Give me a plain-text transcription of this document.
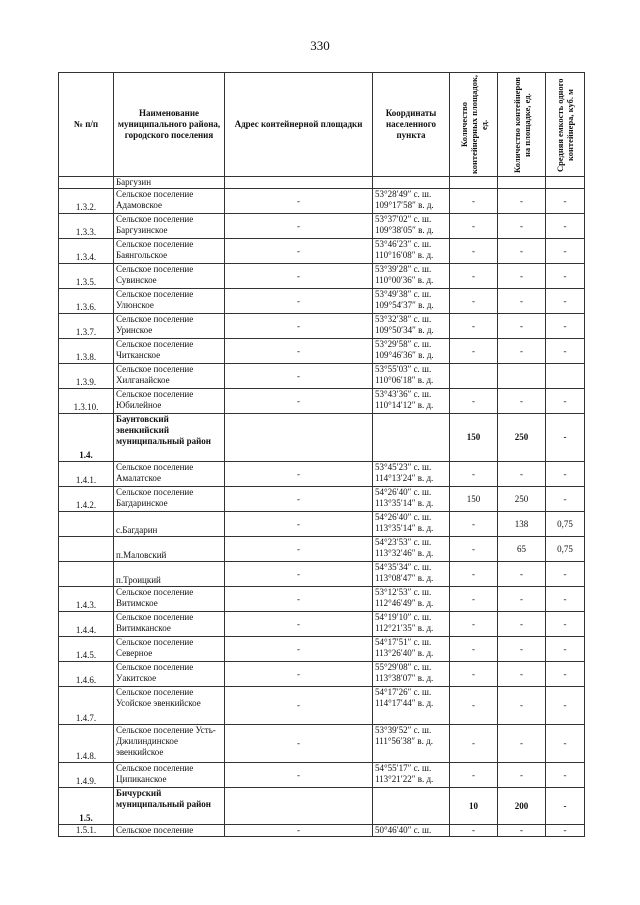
330
№ п/п	Наименование муниципального района, городского поселения	Адрес контейнерной площадки	Координаты населенного пункта	Количество контейнерных площадок, ед.	Количество контейнеров на площадке, ед.	Средняя емкость одного контейнера, куб. м

	Баргузин					
1.3.2.	Сельское поселение Адамовское	-	53°28′49″ с. ш. 109°17′58″ в. д.	-	-	-
1.3.3.	Сельское поселение Баргузинское	-	53°37′02″ с. ш. 109°38′05″ в. д.	-	-	-
1.3.4.	Сельское поселение Баянгольское	-	53°46′23″ с. ш. 110°16′08″ в. д.	-	-	-
1.3.5.	Сельское поселение Сувинское	-	53°39′28″ с. ш. 110°00′36″ в. д.	-	-	-
1.3.6.	Сельское поселение Улюнское	-	53°49′38″ с. ш. 109°54′37″ в. д.	-	-	-
1.3.7.	Сельское поселение Уринское	-	53°32′38″ с. ш. 109°50′34″ в. д.	-	-	-
1.3.8.	Сельское поселение Читканское	-	53°29′58″ с. ш. 109°46′36″ в. д.	-	-	-
1.3.9.	Сельское поселение Хилганайское	-	53°55′03″ с. ш. 110°06′18″ в. д.			
1.3.10.	Сельское поселение Юбилейное	-	53°43′36″ с. ш. 110°14′12″ в. д.	-	-	-
1.4.	Баунтовский эвенкийский муниципальный район			150	250	-
1.4.1.	Сельское поселение Амалатское	-	53°45′23″ с. ш. 114°13′24″ в. д.	-	-	-
1.4.2.	Сельское поселение Багдаринское	-	54°26′40″ с. ш. 113°35′14″ в. д.	150	250	-
	с.Багдарин	-	54°26′40″ с. ш. 113°35′14″ в. д.	-	138	0,75
	п.Маловский	-	54°23′53″ с. ш. 113°32′46″ в. д.	-	65	0,75
	п.Троицкий	-	54°35′34″ с. ш. 113°08′47″ в. д.	-	-	-
1.4.3.	Сельское поселение Витимское	-	53°12′53″ с. ш. 112°46′49″ в. д.	-	-	-
1.4.4.	Сельское поселение Витимканское	-	54°19′10″ с. ш. 112°21′35″ в. д.	-	-	-
1.4.5.	Сельское поселение Северное	-	54°17′51″ с. ш. 113°26′40″ в. д.	-	-	-
1.4.6.	Сельское поселение Уакитское	-	55°29′08″ с. ш. 113°38′07″ в. д.	-	-	-
1.4.7.	Сельское поселение Усойское эвенкийское	-	54°17′26″ с. ш. 114°17′44″ в. д.	-	-	-
1.4.8.	Сельское поселение Усть-Джилиндинское эвенкийское	-	53°39′52″ с. ш. 111°56′38″ в. д.	-	-	-
1.4.9.	Сельское поселение Ципиканское	-	54°55′17″ с. ш. 113°21′22″ в. д.	-	-	-
1.5.	Бичурский муниципальный район			10	200	-
1.5.1.	Сельское поселение	-	50°46′40″ с. ш.	-	-	-
